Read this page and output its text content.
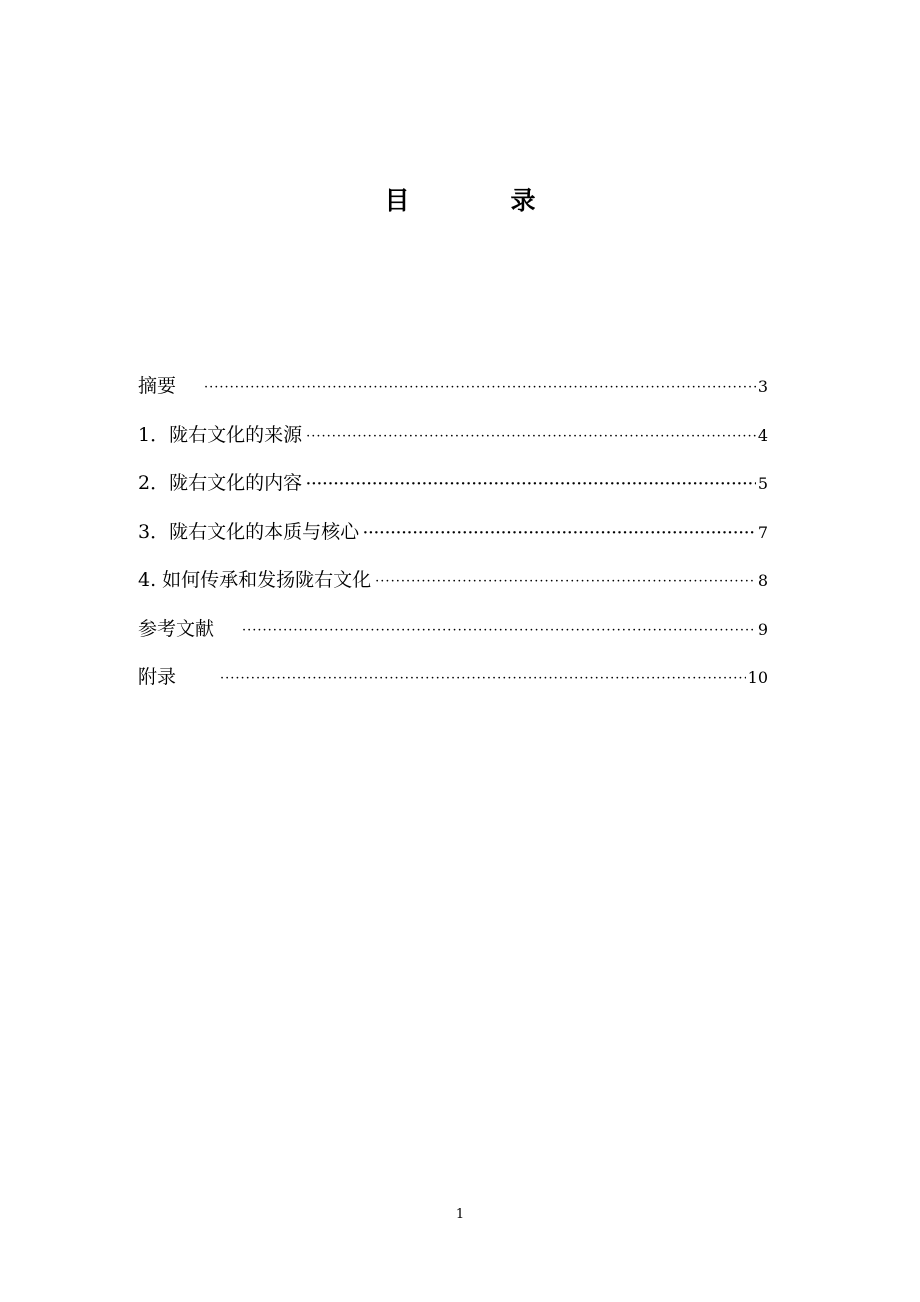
目　录
摘要 ·····	3
1．陇右文化的来源 ·····	4
2．陇右文化的内容 ·····	5
3．陇右文化的本质与核心 ·····	7
4. 如何传承和发扬陇右文化 ·····	8
参考文献 ·····	9
附录 ·····	10
1
